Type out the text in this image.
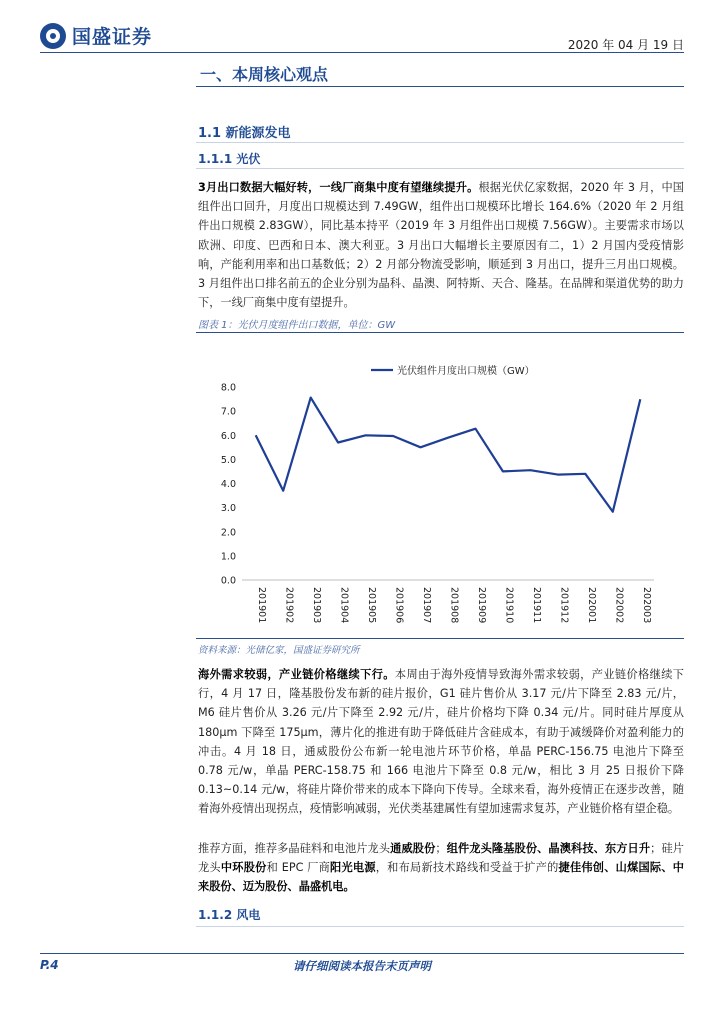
国盛证券	2020 年 04 月 19 日
一、本周核心观点
1.1 新能源发电
1.1.1 光伏
3月出口数据大幅好转，一线厂商集中度有望继续提升。根据光伏亿家数据，2020 年 3 月，中国组件出口回升，月度出口规模达到 7.49GW，组件出口规模环比增长 164.6%（2020 年 2 月组件出口规模 2.83GW），同比基本持平（2019 年 3 月组件出口规模 7.56GW）。主要需求市场以欧洲、印度、巴西和日本、澳大利亚。3 月出口大幅增长主要原因有二，1）2 月国内受疫情影响，产能利用率和出口基数低；2）2 月部分物流受影响，顺延到 3 月出口，提升三月出口规模。3 月组件出口排名前五的企业分别为晶科、晶澳、阿特斯、天合、隆基。在品牌和渠道优势的助力下，一线厂商集中度有望提升。
图表 1：光伏月度组件出口数据，单位：GW
光伏组件月度出口规模（GW）
0.0
1.0
2.0
3.0
4.0
5.0
6.0
7.0
8.0
201901 201902 201903 201904 201905 201906 201907 201908 201909 201910 201911 201912 202001 202002 202003
资料来源：光储亿家，国盛证券研究所
海外需求较弱，产业链价格继续下行。本周由于海外疫情导致海外需求较弱，产业链价格继续下行，4 月 17 日，隆基股份发布新的硅片报价，G1 硅片售价从 3.17 元/片下降至 2.83 元/片，M6 硅片售价从 3.26 元/片下降至 2.92 元/片，硅片价格均下降 0.34 元/片。同时硅片厚度从 180μm 下降至 175μm，薄片化的推进有助于降低硅片含硅成本，有助于减缓降价对盈利能力的冲击。4 月 18 日，通威股份公布新一轮电池片环节价格，单晶 PERC-156.75 电池片下降至 0.78 元/w，单晶 PERC-158.75 和 166 电池片下降至 0.8 元/w，相比 3 月 25 日报价下降 0.13~0.14 元/w，将硅片降价带来的成本下降向下传导。全球来看，海外疫情正在逐步改善，随着海外疫情出现拐点，疫情影响减弱，光伏类基建属性有望加速需求复苏，产业链价格有望企稳。
推荐方面，推荐多晶硅料和电池片龙头通威股份；组件龙头隆基股份、晶澳科技、东方日升；硅片龙头中环股份和 EPC 厂商阳光电源，和布局新技术路线和受益于扩产的捷佳伟创、山煤国际、中来股份、迈为股份、晶盛机电。
1.1.2 风电
P.4	请仔细阅读本报告末页声明
